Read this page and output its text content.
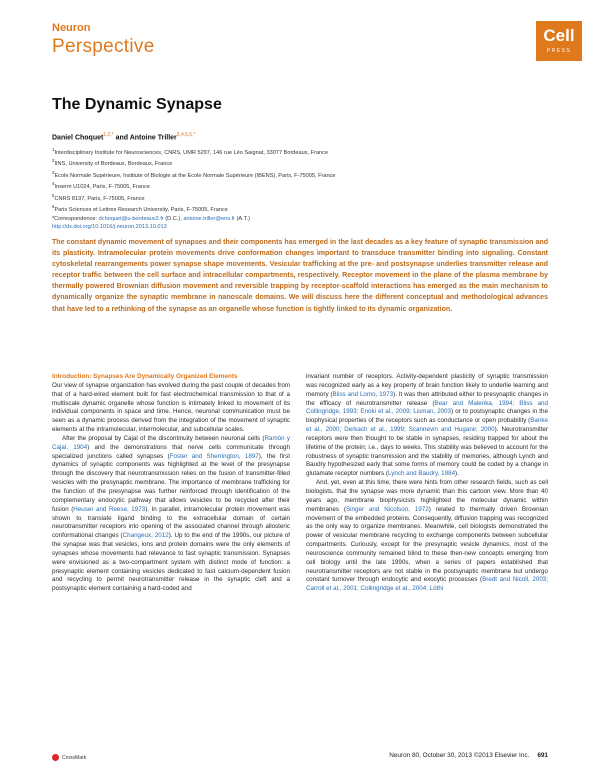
Neuron
Perspective
Cell
PRESS
The Dynamic Synapse
Daniel Choquet$^{1,2,*}$ and Antoine Triller$^{3,4,5,6,*}$
$^1$Interdisciplinary Institute for Neurosciences, CNRS, UMR 5297, 146 rue Léo Saignat, 33077 Bordeaux, France
$^2$IINS, University of Bordeaux, Bordeaux, France
$^3$Ecole Normale Supérieure, Institute of Biologie at the Ecole Normale Supérieure (IBENS), Paris, F-75005, France
$^4$Inserm U1024, Paris, F-75005, France
$^5$CNRS 8197, Paris, F-75005, France
$^6$Paris Sciences et Lettres Research University, Paris, F-75005, France
*Correspondence: dchoquet@u-bordeaux2.fr (D.C.), antoine.triller@ens.fr (A.T.)
http://dx.doi.org/10.1016/j.neuron.2013.10.013
The constant dynamic movement of synapses and their components has emerged in the last decades as a key feature of synaptic transmission and its plasticity. Intramolecular protein movements drive conformation changes important to transduce transmitter binding into signaling. Constant cytoskeletal rearrangements power synapse shape movements. Vesicular trafficking at the pre- and postsynapse underlies transmitter release and receptor traffic between the cell surface and intracellular compartments, respectively. Receptor movement in the plane of the plasma membrane by thermally powered Brownian diffusion movement and reversible trapping by receptor-scaffold interactions has emerged as the main mechanism to dynamically organize the synaptic membrane in nanoscale domains. We will discuss here the different conceptual and methodological advances that have led to a rethinking of the synapse as an organelle whose function is tightly linked to its dynamic organization.
Introduction: Synapses Are Dynamically Organized Elements

Our view of synapse organization has evolved during the past couple of decades from that of a hard-wired element built for fast electrochemical transmission to that of a multiscale dynamic organelle whose function is intimately linked to movement of its individual components in space and time. Hence, neuronal communication must be seen as a dynamic process derived from the integration of the movement of synaptic elements at the intramolecular, intermolecular, and subcellular scales.

After the proposal by Cajal of the discontinuity between neuronal cells (Ramón y Cajal, 1904) and the demonstrations that nerve cells communicate through specialized junctions called synapses (Foster and Sherrington, 1897), the first dynamics of synaptic components was highlighted at the level of the presynapse through the discovery that neurotransmission relies on the fusion of transmitter-filled vesicles with the presynaptic membrane. The importance of membrane trafficking for the function of the presynapse was further reinforced through identification of the complementary endocytic pathway that allows vesicles to be recycled after their fusion (Heuser and Reese, 1973). In parallel, intramolecular protein movement was shown to translate ligand binding to the extracellular domain of certain neurotransmitter receptors into opening of the associated channel through allosteric conformational changes (Changeux, 2012). Up to the end of the 1990s, our picture of the synapse was that vesicles, ions and protein domains were the only elements of synapses whose movements had relevance to fast synaptic transmission. Synapses were envisioned as a two-compartment system with distinct mode of function: a presynaptic element containing vesicles dedicated to fast calcium-dependent fusion and recycling to permit neurotransmitter release in the synaptic cleft and a postsynaptic element containing a hard-coded and

invariant number of receptors. Activity-dependent plasticity of synaptic transmission was recognized early as a key property of brain function likely to underlie learning and memory (Bliss and Lomo, 1973). It was then attributed either to presynaptic changes in the efficacy of neurotransmitter release (Bear and Malenka, 1994; Bliss and Collingridge, 1993; Enoki et al., 2009; Lisman, 2003) or to postsynaptic changes in the biophysical properties of the receptors such as conductance or open probability (Banke et al., 2000; Derkach et al., 1999; Scannevin and Huganir, 2000). Neurotransmitter receptors were then thought to be stable in synapses, residing trapped for about the lifetime of the protein; i.e., days to weeks. This stability was believed to account for the robustness of synaptic transmission and the stability of memories, although Lynch and Baudry hypothesized early that some forms of memory could be coded by a change in glutamate receptor numbers (Lynch and Baudry, 1984).

And, yet, even at this time, there were hints from other research fields, such as cell biologists, that the synapse was more dynamic than this cartoon view. More than 40 years ago, membrane biophysicists highlighted the molecular dynamic within membranes (Singer and Nicolson, 1972) related to thermally driven Brownian movement of the embedded proteins. Consequently, diffusion trapping was recognized as the only way to organize membranes. Meanwhile, cell biologists demonstrated the power of vesicular membrane recycling to exchange components between subcellular compartments. Curiously, except for the presynaptic vesicle dynamics, most of the neuroscience community remained blind to these then-new concepts emerging from cell biology until the late 1990s, when a series of papers established that neurotransmitter receptors are not stable in the postsynaptic membrane but undergo constant turnover through endocytic and exocytic processes (Bredt and Nicoll, 2003; Carroll et al., 2001; Collingridge et al., 2004; Lüthi

CrossMark	Neuron 80, October 30, 2013 ©2013 Elsevier Inc. 691
